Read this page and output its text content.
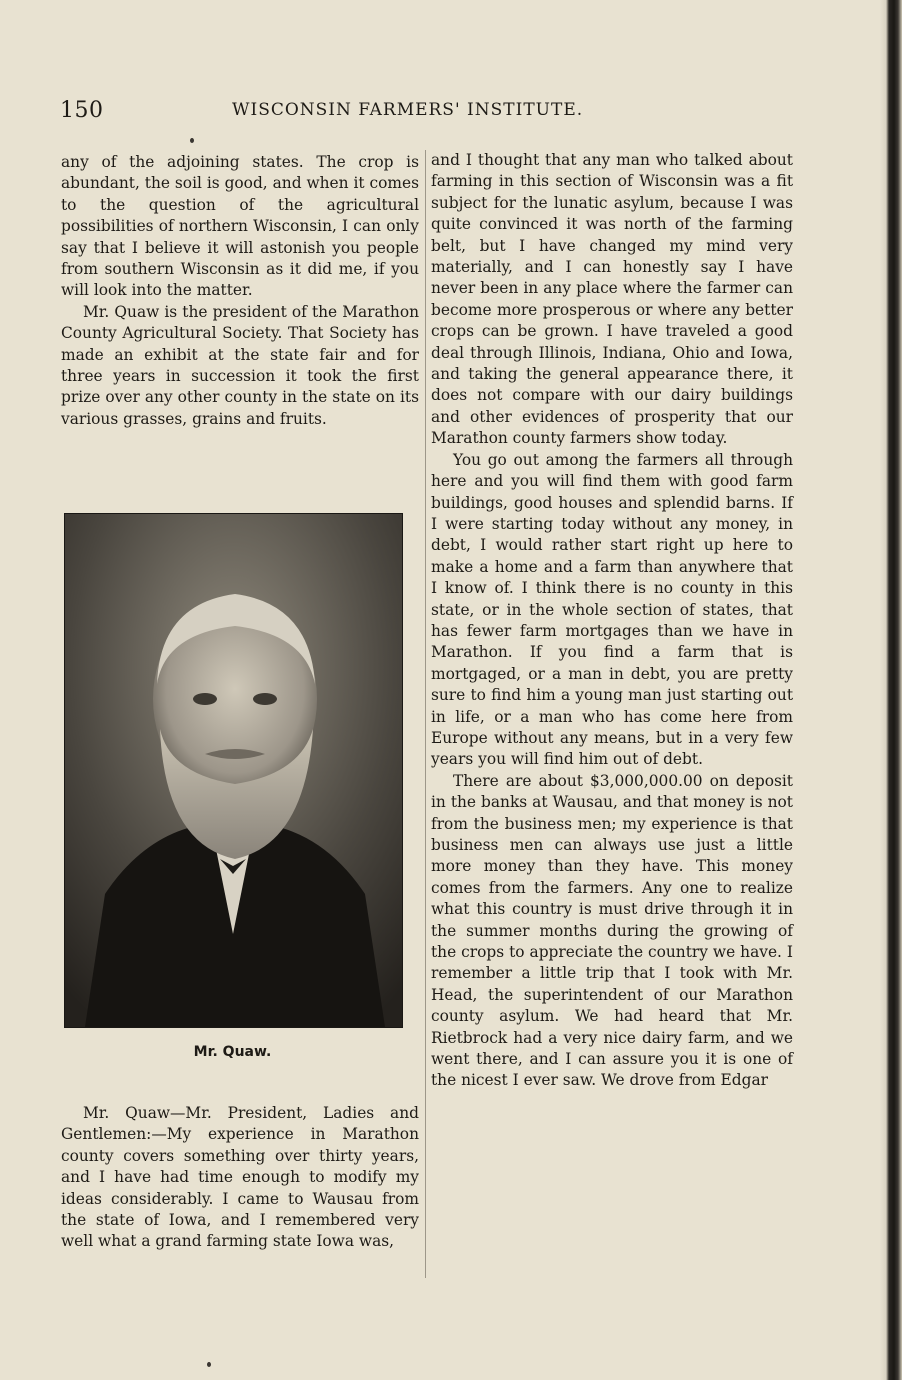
150	WISCONSIN FARMERS' INSTITUTE.

any of the adjoining states. The crop is abundant, the soil is good, and when it comes to the question of the agricultural possibilities of northern Wisconsin, I can only say that I believe it will astonish you people from southern Wisconsin as it did me, if you will look into the matter.

Mr. Quaw is the president of the Marathon County Agricultural Society. That Society has made an exhibit at the state fair and for three years in succession it took the first prize over any other county in the state on its various grasses, grains and fruits.

Mr. Quaw.

Mr. Quaw—Mr. President, Ladies and Gentlemen:—My experience in Marathon county covers something over thirty years, and I have had time enough to modify my ideas considerably. I came to Wausau from the state of Iowa, and I remembered very well what a grand farming state Iowa was,

and I thought that any man who talked about farming in this section of Wisconsin was a fit subject for the lunatic asylum, because I was quite convinced it was north of the farming belt, but I have changed my mind very materially, and I can honestly say I have never been in any place where the farmer can become more prosperous or where any better crops can be grown. I have traveled a good deal through Illinois, Indiana, Ohio and Iowa, and taking the general appearance there, it does not compare with our dairy buildings and other evidences of prosperity that our Marathon county farmers show today.

You go out among the farmers all through here and you will find them with good farm buildings, good houses and splendid barns. If I were starting today without any money, in debt, I would rather start right up here to make a home and a farm than anywhere that I know of. I think there is no county in this state, or in the whole section of states, that has fewer farm mortgages than we have in Marathon. If you find a farm that is mortgaged, or a man in debt, you are pretty sure to find him a young man just starting out in life, or a man who has come here from Europe without any means, but in a very few years you will find him out of debt.

There are about $3,000,000.00 on deposit in the banks at Wausau, and that money is not from the business men; my experience is that business men can always use just a little more money than they have. This money comes from the farmers. Any one to realize what this country is must drive through it in the summer months during the growing of the crops to appreciate the country we have. I remember a little trip that I took with Mr. Head, the superintendent of our Marathon county asylum. We had heard that Mr. Rietbrock had a very nice dairy farm, and we went there, and I can assure you it is one of the nicest I ever saw. We drove from Edgar
